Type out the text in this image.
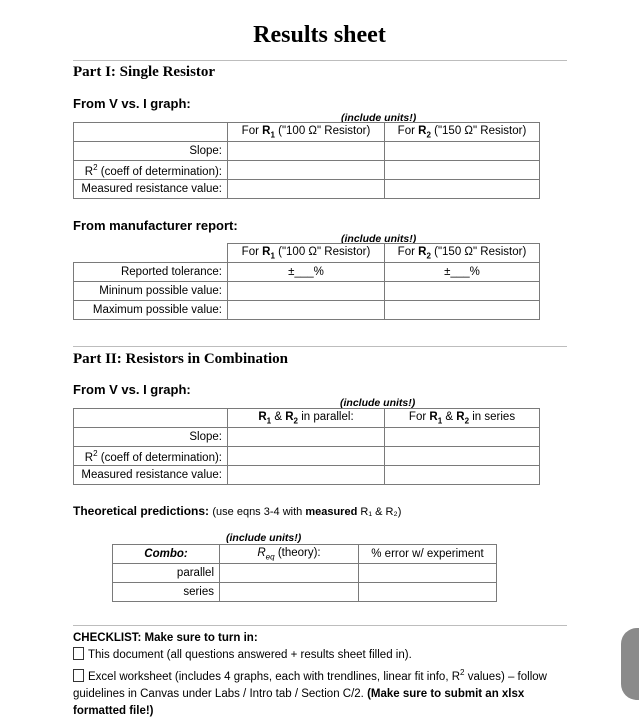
Results sheet
Part I: Single Resistor
From V vs. I graph:
(include units!)
	For $R_1$ ("100 Ω" Resistor)	For $R_2$ ("150 Ω" Resistor)
Slope:		
$R^2$ (coeff of determination):		
Measured resistance value:		
From manufacturer report:
(include units!)
	For $R_1$ ("100 Ω" Resistor)	For $R_2$ ("150 Ω" Resistor)
Reported tolerance:	±___%	±___%
Mininum possible value:		
Maximum possible value:		
Part II: Resistors in Combination
From V vs. I graph:
(include units!)
	$R_1$ & $R_2$ in parallel:	For $R_1$ & $R_2$ in series
Slope:		
$R^2$ (coeff of determination):		
Measured resistance value:		
Theoretical predictions: (use eqns 3-4 with measured R₁ & R₂)
(include units!)
Combo:	$R_{eq}$ (theory):	% error w/ experiment
parallel		
series		
CHECKLIST: Make sure to turn in:
This document (all questions answered + results sheet filled in).
Excel worksheet (includes 4 graphs, each with trendlines, linear fit info, $R^2$ values) – follow
guidelines in Canvas under Labs / Intro tab / Section C/2. (Make sure to submit an xlsx
formatted file!)
